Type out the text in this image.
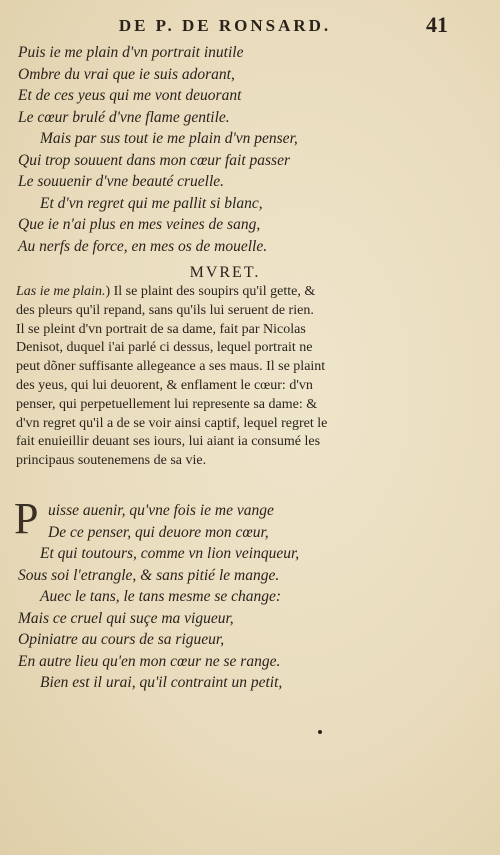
DE P. DE RONSARD.	41
Puis ie me plain d'vn portrait inutile
Ombre du vrai que ie suis adorant,
Et de ces yeus qui me vont deuorant
Le cœur brulé d'vne flame gentile.
Mais par sus tout ie me plain d'vn penser,
Qui trop souuent dans mon cœur fait passer
Le souuenir d'vne beauté cruelle.
Et d'vn regret qui me pallit si blanc,
Que ie n'ai plus en mes veines de sang,
Au nerfs de force, en mes os de mouelle.
MVRET.
Las ie me plain.) Il se plaint des soupirs qu'il gette, &
des pleurs qu'il repand, sans qu'ils lui seruent de rien.
Il se pleint d'vn portrait de sa dame, fait par Nicolas
Denisot, duquel i'ai parlé ci dessus, lequel portrait ne
peut dõner suffisante allegeance a ses maus. Il se plaint
des yeus, qui lui deuorent, & enflament le cœur: d'vn
penser, qui perpetuellement lui represente sa dame: &
d'vn regret qu'il a de se voir ainsi captif, lequel regret le
fait enuieillir deuant ses iours, lui aiant ia consumé les
principaus soutenemens de sa vie.
P uisse auenir, qu'vne fois ie me vange
De ce penser, qui deuore mon cœur,
Et qui toutours, comme vn lion veinqueur,
Sous soi l'etrangle, & sans pitié le mange.
Auec le tans, le tans mesme se change:
Mais ce cruel qui suçe ma vigueur,
Opiniatre au cours de sa rigueur,
En autre lieu qu'en mon cœur ne se range.
Bien est il urai, qu'il contraint un petit,
